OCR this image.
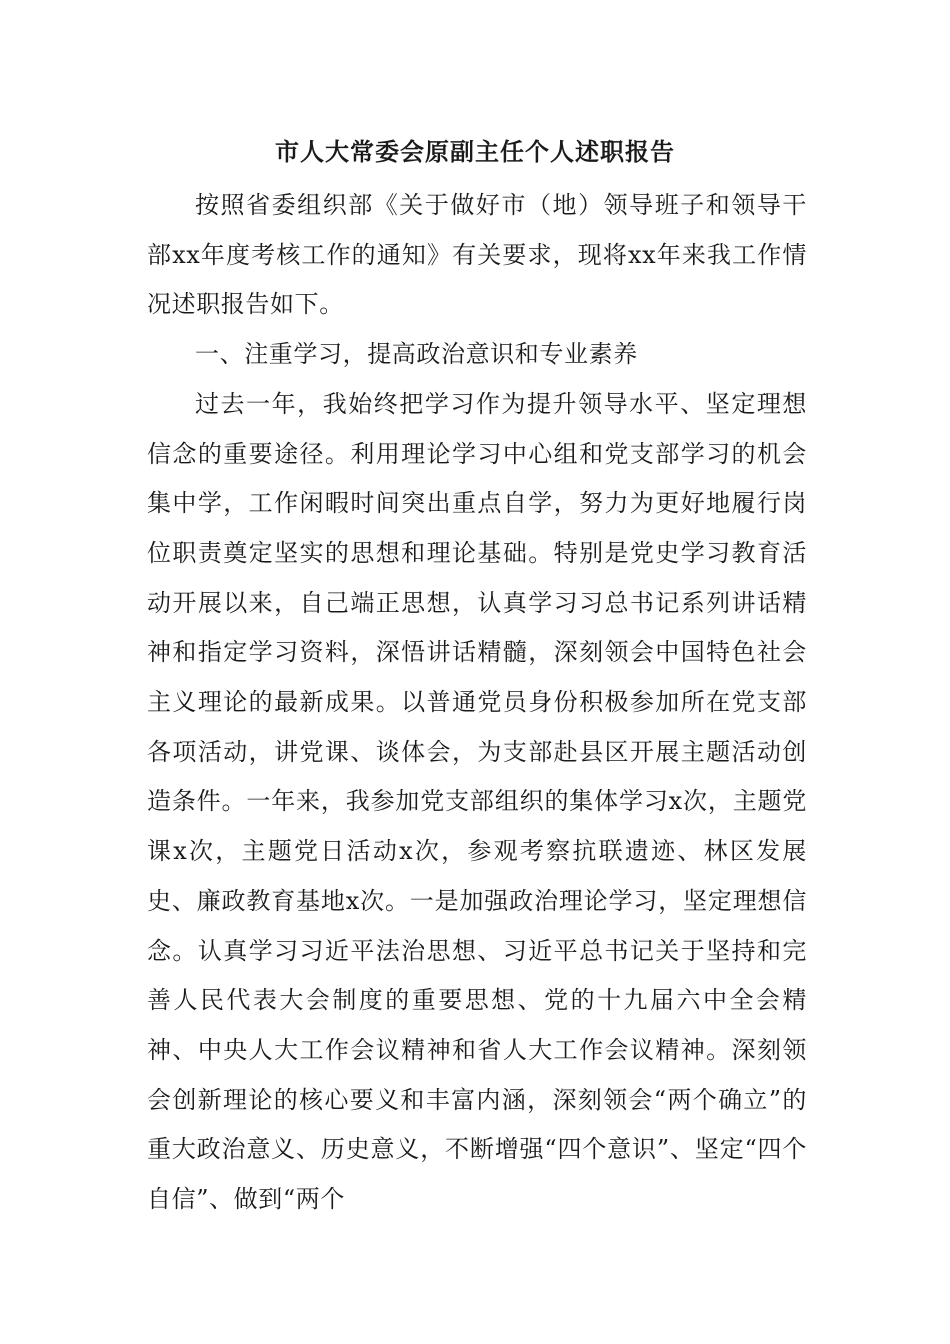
市人大常委会原副主任个人述职报告

按照省委组织部《关于做好市（地）领导班子和领导干部xx年度考核工作的通知》有关要求，现将xx年来我工作情况述职报告如下。

一、注重学习，提高政治意识和专业素养

过去一年，我始终把学习作为提升领导水平、坚定理想信念的重要途径。利用理论学习中心组和党支部学习的机会集中学，工作闲暇时间突出重点自学，努力为更好地履行岗位职责奠定坚实的思想和理论基础。特别是党史学习教育活动开展以来，自己端正思想，认真学习习总书记系列讲话精神和指定学习资料，深悟讲话精髓，深刻领会中国特色社会主义理论的最新成果。以普通党员身份积极参加所在党支部各项活动，讲党课、谈体会，为支部赴县区开展主题活动创造条件。一年来，我参加党支部组织的集体学习x次，主题党课x次，主题党日活动x次，参观考察抗联遗迹、林区发展史、廉政教育基地x次。一是加强政治理论学习，坚定理想信念。认真学习习近平法治思想、习近平总书记关于坚持和完善人民代表大会制度的重要思想、党的十九届六中全会精神、中央人大工作会议精神和省人大工作会议精神。深刻领会创新理论的核心要义和丰富内涵，深刻领会“两个确立”的重大政治意义、历史意义，不断增强“四个意识”、坚定“四个自信”、做到“两个
